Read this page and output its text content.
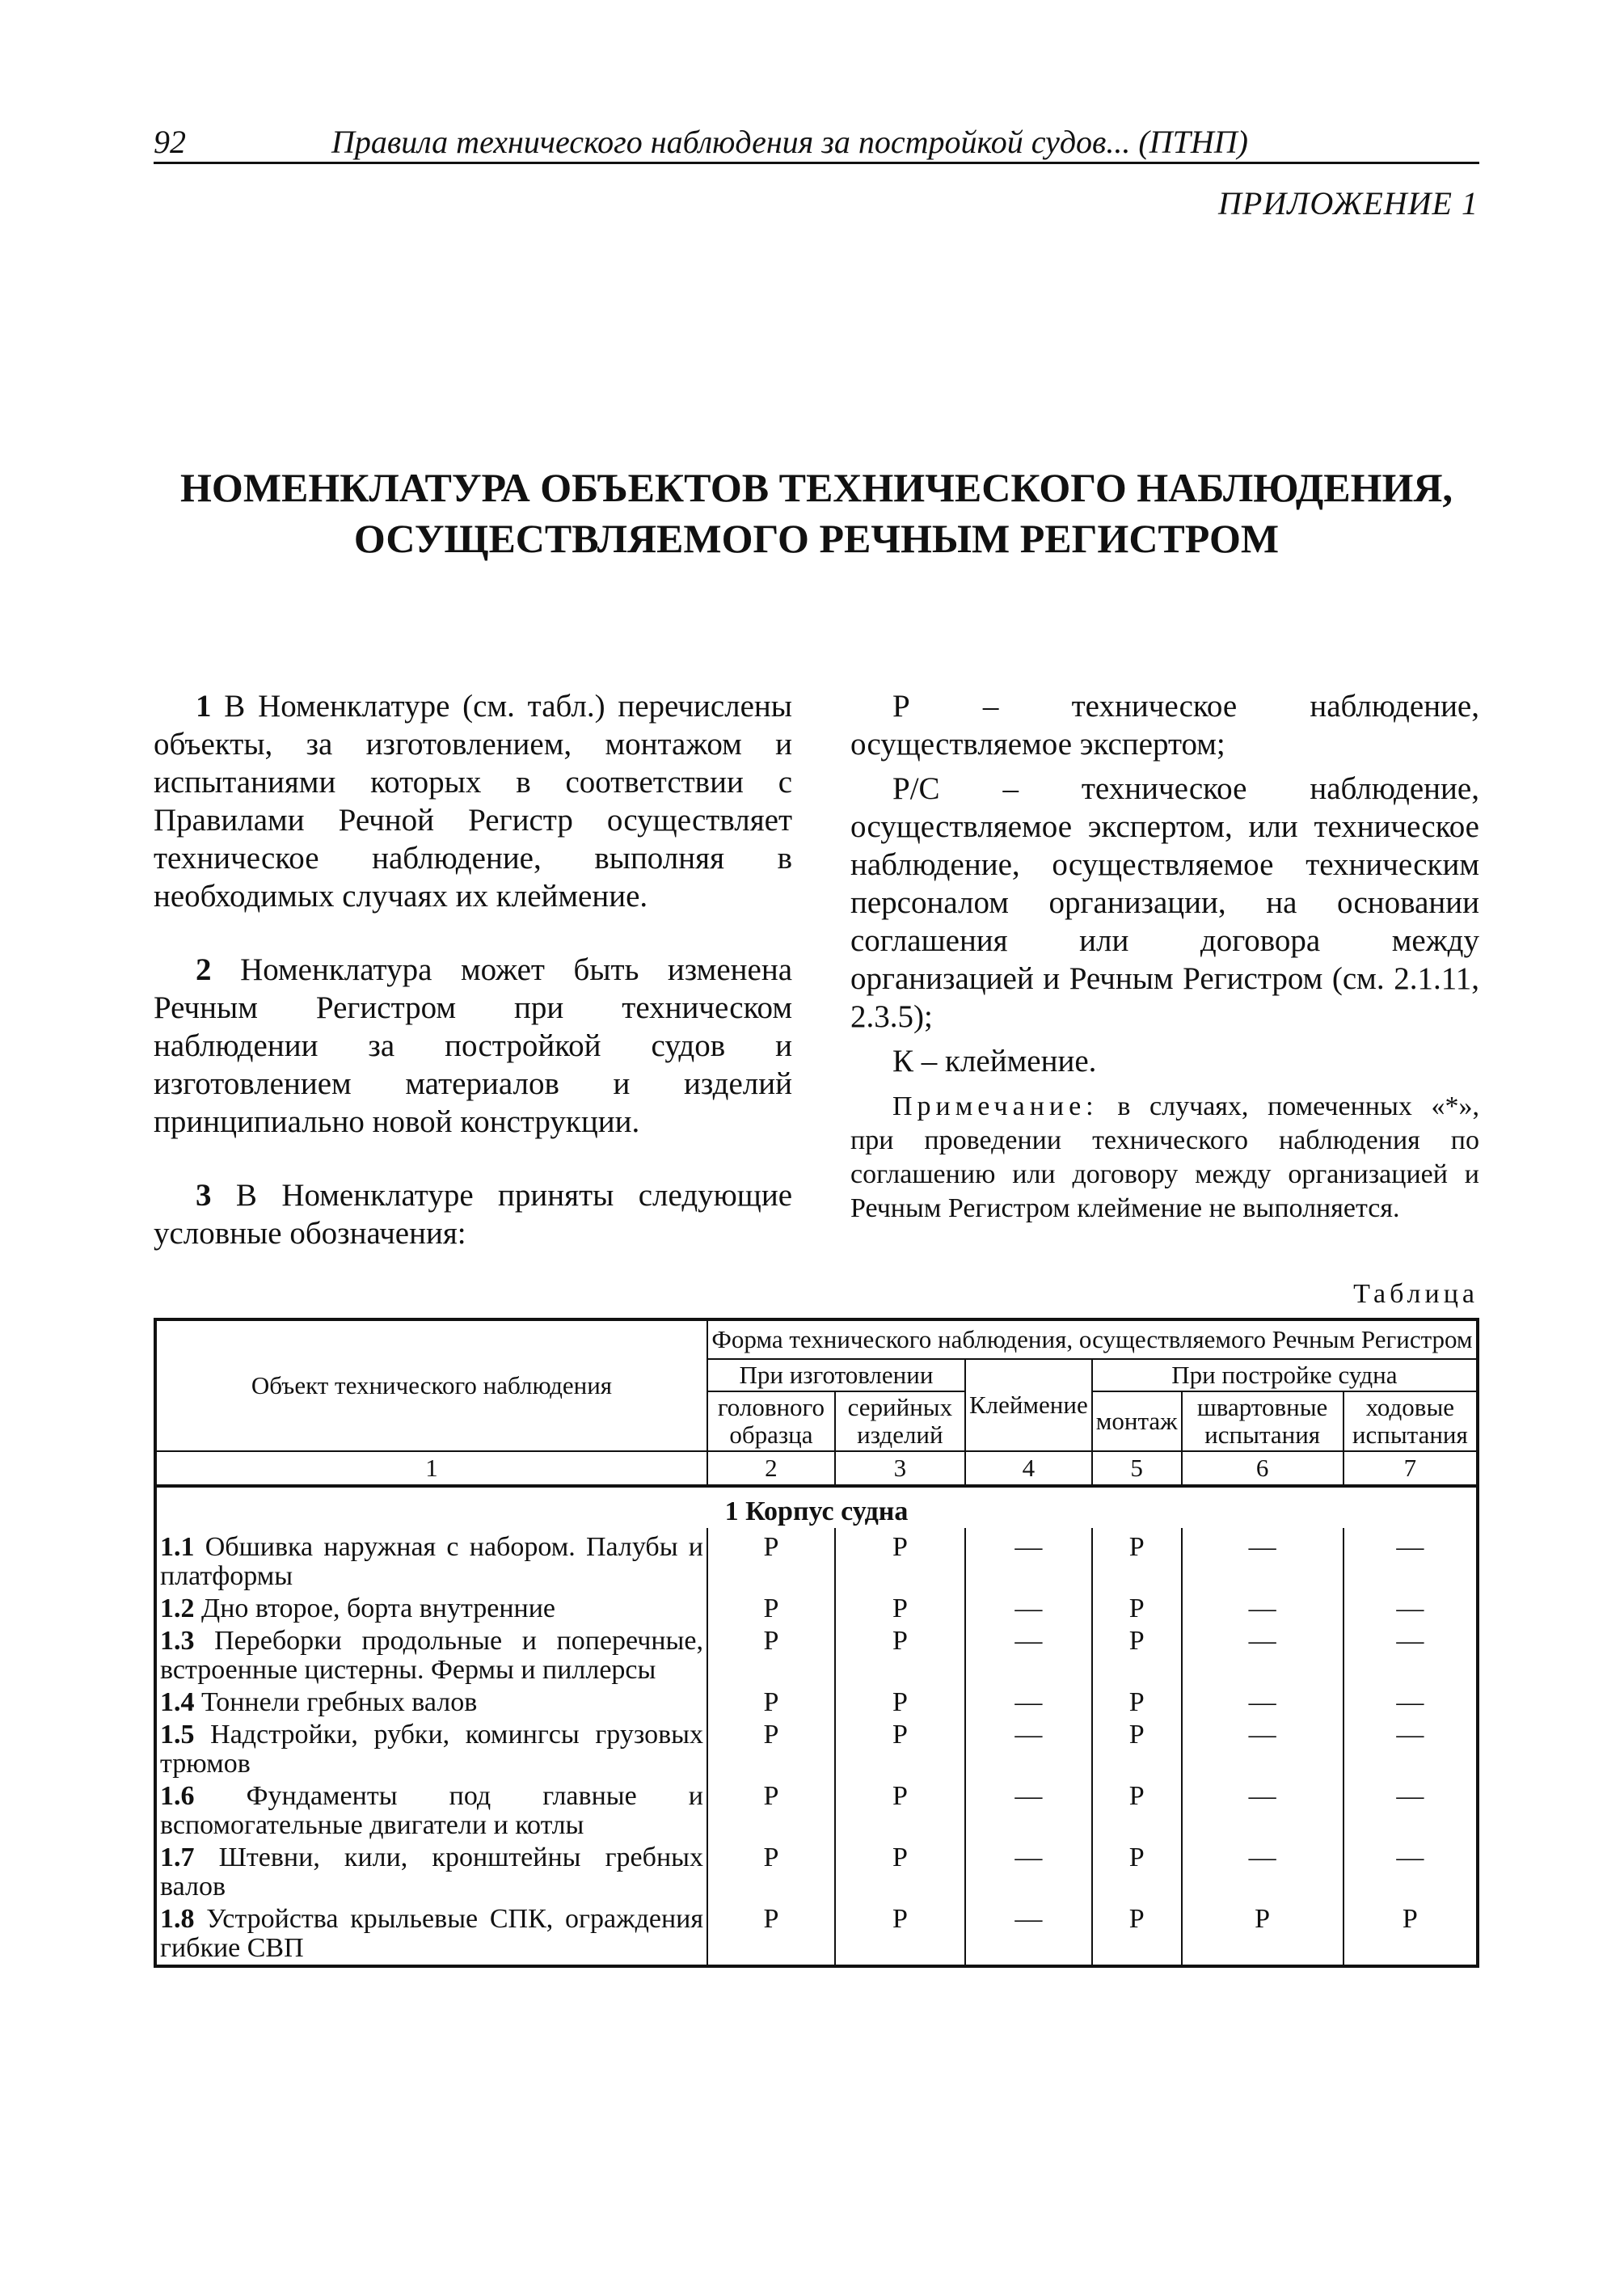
92	Правила технического наблюдения за постройкой судов... (ПТНП)
ПРИЛОЖЕНИЕ 1
НОМЕНКЛАТУРА ОБЪЕКТОВ ТЕХНИЧЕСКОГО НАБЛЮДЕНИЯ,
ОСУЩЕСТВЛЯЕМОГО РЕЧНЫМ РЕГИСТРОМ

1 В Номенклатуре (см. табл.) перечислены объекты, за изготовлением, монтажом и испытаниями которых в соответствии с Правилами Речной Регистр осуществляет техническое наблюдение, выполняя в необходимых случаях их клеймение.

2 Номенклатура может быть изменена Речным Регистром при техническом наблюдении за постройкой судов и изготовлением материалов и изделий принципиально новой конструкции.

3 В Номенклатуре приняты следующие условные обозначения:

Р – техническое наблюдение, осуществляемое экспертом;

Р/С – техническое наблюдение, осуществляемое экспертом, или техническое наблюдение, осуществляемое техническим персоналом организации, на основании соглашения или договора между организацией и Речным Регистром (см. 2.1.11, 2.3.5);

К – клеймение.

Примечание: в случаях, помеченных «*», при проведении технического наблюдения по соглашению или договору между организацией и Речным Регистром клеймение не выполняется.

Таблица
Объект технического наблюдения	Форма технического наблюдения, осуществляемого Речным Регистром					
	При изготовлении		Клеймение	При постройке судна		
	головного образца	серийных изделий		монтаж	швартовные испытания	ходовые испытания
1	2	3	4	5	6	7
1 Корпус судна						
1.1 Обшивка наружная с набором. Палубы и платформы	Р	Р	—	Р	—	—
1.2 Дно второе, борта внутренние	Р	Р	—	Р	—	—
1.3 Переборки продольные и поперечные, встроенные цистерны. Фермы и пиллерсы	Р	Р	—	Р	—	—
1.4 Тоннели гребных валов	Р	Р	—	Р	—	—
1.5 Надстройки, рубки, комингсы грузовых трюмов	Р	Р	—	Р	—	—
1.6 Фундаменты под главные и вспомогательные двигатели и котлы	Р	Р	—	Р	—	—
1.7 Штевни, кили, кронштейны гребных валов	Р	Р	—	Р	—	—
1.8 Устройства крыльевые СПК, ограждения гибкие СВП	Р	Р	—	Р	Р	Р
